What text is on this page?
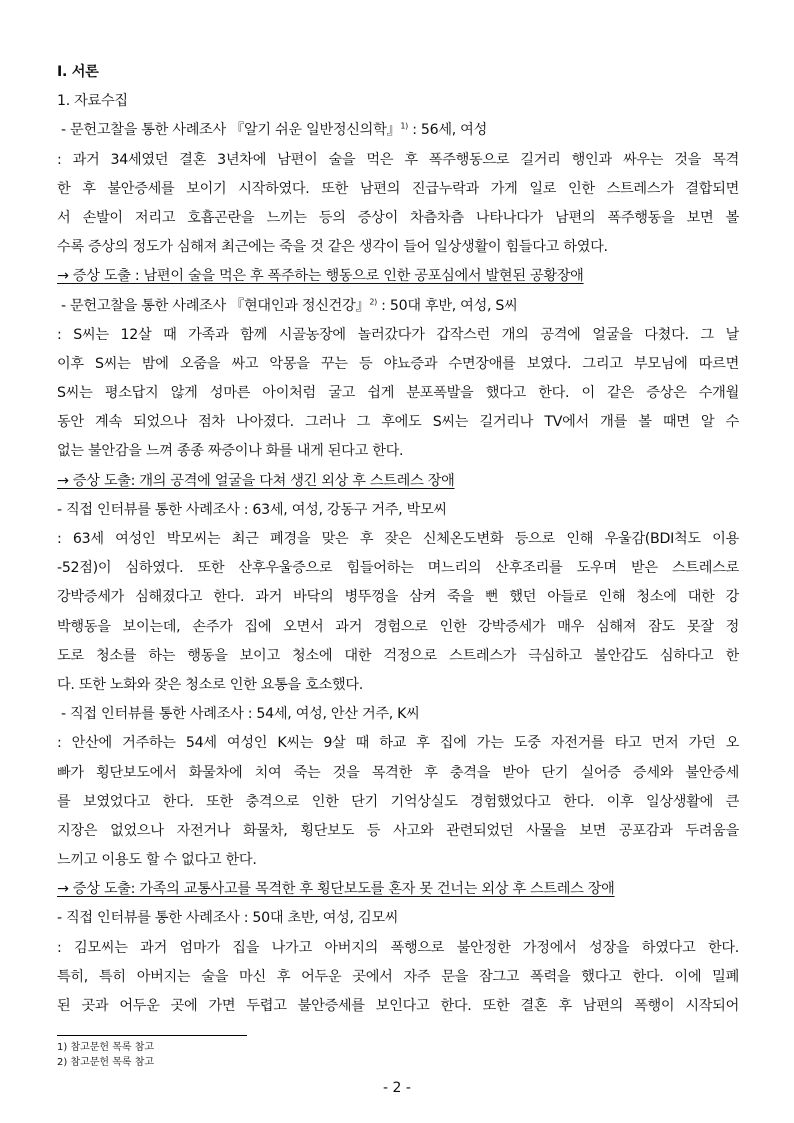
I. 서론
1. 자료수집
- 문헌고찰을 통한 사례조사 『알기 쉬운 일반정신의학』$^{1)}$ : 56세, 여성
: 과거 34세였던 결혼 3년차에 남편이 술을 먹은 후 폭주행동으로 길거리 행인과 싸우는 것을 목격
한 후 불안증세를 보이기 시작하였다. 또한 남편의 진급누락과 가게 일로 인한 스트레스가 결합되면
서 손발이 저리고 호흡곤란을 느끼는 등의 증상이 차츰차츰 나타나다가 남편의 폭주행동을 보면 볼
수록 증상의 정도가 심해져 최근에는 죽을 것 같은 생각이 들어 일상생활이 힘들다고 하였다.
→ 증상 도출 : 남편이 술을 먹은 후 폭주하는 행동으로 인한 공포심에서 발현된 공황장애
- 문헌고찰을 통한 사례조사 『현대인과 정신건강』$^{2)}$ : 50대 후반, 여성, S씨
: S씨는 12살 때 가족과 함께 시골농장에 놀러갔다가 갑작스런 개의 공격에 얼굴을 다쳤다. 그 날
이후 S씨는 밤에 오줌을 싸고 악몽을 꾸는 등 야뇨증과 수면장애를 보였다. 그리고 부모님에 따르면
S씨는 평소답지 않게 성마른 아이처럼 굴고 쉽게 분포폭발을 했다고 한다. 이 같은 증상은 수개월
동안 계속 되었으나 점차 나아졌다. 그러나 그 후에도 S씨는 길거리나 TV에서 개를 볼 때면 알 수
없는 불안감을 느껴 종종 짜증이나 화를 내게 된다고 한다.
→ 증상 도출: 개의 공격에 얼굴을 다쳐 생긴 외상 후 스트레스 장애
- 직접 인터뷰를 통한 사례조사 : 63세, 여성, 강동구 거주, 박모씨
: 63세 여성인 박모씨는 최근 폐경을 맞은 후 잦은 신체온도변화 등으로 인해 우울감(BDI척도 이용
-52점)이 심하였다. 또한 산후우울증으로 힘들어하는 며느리의 산후조리를 도우며 받은 스트레스로
강박증세가 심해졌다고 한다. 과거 바닥의 병뚜껑을 삼켜 죽을 뻔 했던 아들로 인해 청소에 대한 강
박행동을 보이는데, 손주가 집에 오면서 과거 경험으로 인한 강박증세가 매우 심해져 잠도 못잘 정
도로 청소를 하는 행동을 보이고 청소에 대한 걱정으로 스트레스가 극심하고 불안감도 심하다고 한
다. 또한 노화와 잦은 청소로 인한 요통을 호소했다.
- 직접 인터뷰를 통한 사례조사 : 54세, 여성, 안산 거주, K씨
: 안산에 거주하는 54세 여성인 K씨는 9살 때 하교 후 집에 가는 도중 자전거를 타고 먼저 가던 오
빠가 횡단보도에서 화물차에 치여 죽는 것을 목격한 후 충격을 받아 단기 실어증 증세와 불안증세
를 보였었다고 한다. 또한 충격으로 인한 단기 기억상실도 경험했었다고 한다. 이후 일상생활에 큰
지장은 없었으나 자전거나 화물차, 횡단보도 등 사고와 관련되었던 사물을 보면 공포감과 두려움을
느끼고 이용도 할 수 없다고 한다.
→ 증상 도출: 가족의 교통사고를 목격한 후 횡단보도를 혼자 못 건너는 외상 후 스트레스 장애
- 직접 인터뷰를 통한 사례조사 : 50대 초반, 여성, 김모씨
: 김모씨는 과거 엄마가 집을 나가고 아버지의 폭행으로 불안정한 가정에서 성장을 하였다고 한다.
특히, 특히 아버지는 술을 마신 후 어두운 곳에서 자주 문을 잠그고 폭력을 했다고 한다. 이에 밀폐
된 곳과 어두운 곳에 가면 두렵고 불안증세를 보인다고 한다. 또한 결혼 후 남편의 폭행이 시작되어
1) 참고문헌 목록 참고
2) 참고문헌 목록 참고
- 2 -
